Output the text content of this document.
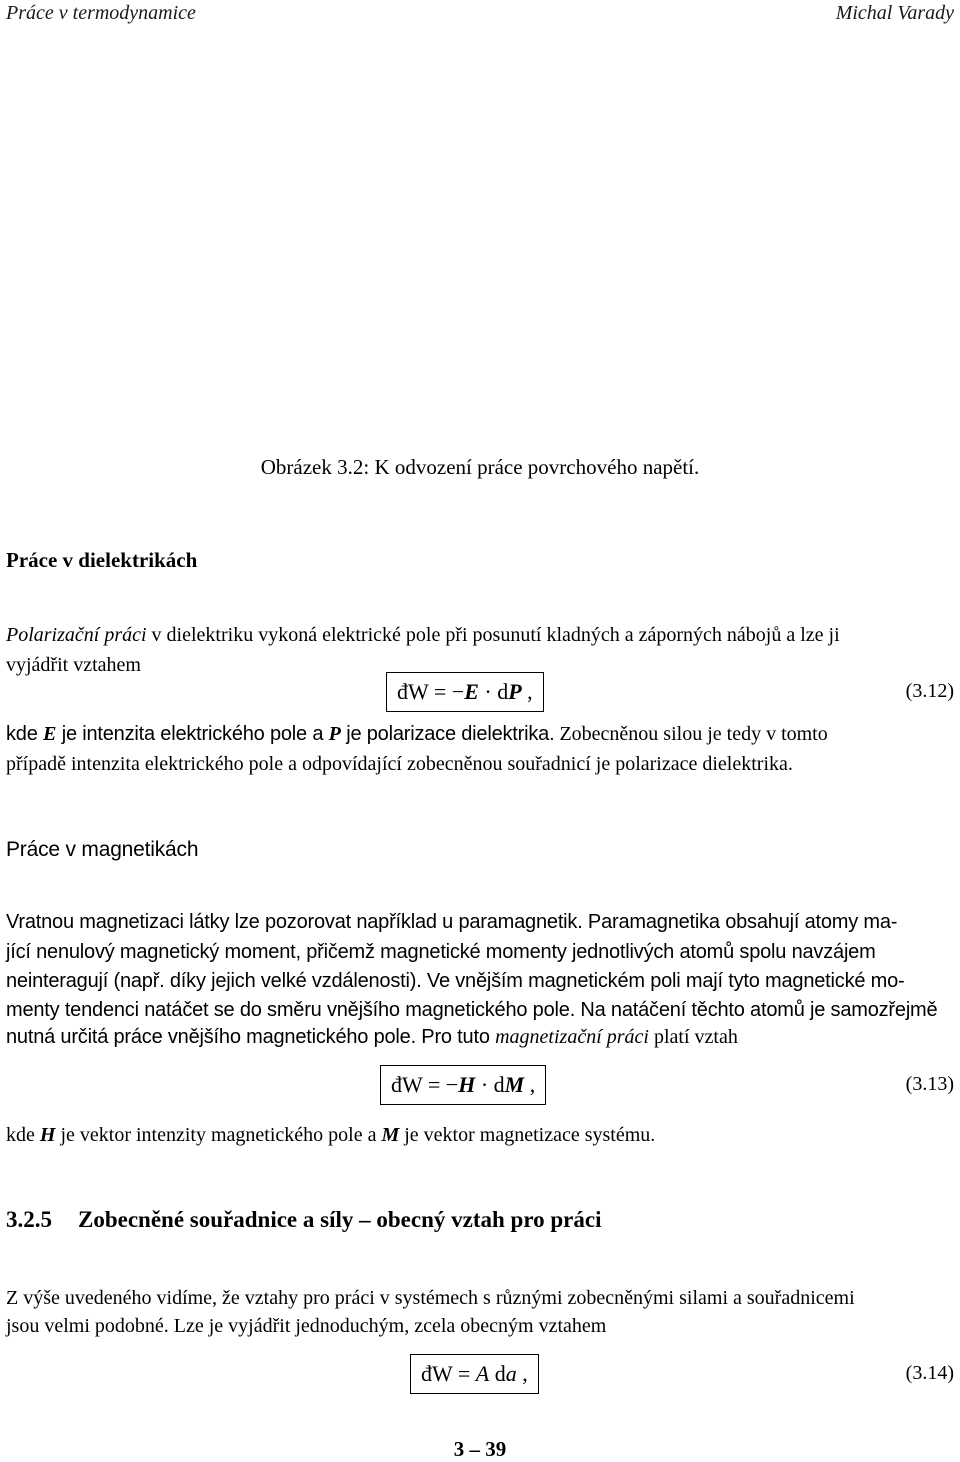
Práce v termodynamice	Michal Varady
Obrázek 3.2: K odvození práce povrchového napětí.
Práce v dielektrikách
Polarizační práci v dielektriku vykoná elektrické pole při posunutí kladných a záporných nábojů a lze ji
vyjádřit vztahem
đW = −E · dP ,	(3.12)
kde E je intenzita elektrického pole a P je polarizace dielektrika. Zobecněnou silou je tedy v tomto
případě intenzita elektrického pole a odpovídající zobecněnou souřadnicí je polarizace dielektrika.
Práce v magnetikách
Vratnou magnetizaci látky lze pozorovat například u paramagnetik. Paramagnetika obsahují atomy ma-
jící nenulový magnetický moment, přičemž magnetické momenty jednotlivých atomů spolu navzájem
neinteragují (např. díky jejich velké vzdálenosti). Ve vnějším magnetickém poli mají tyto magnetické mo-
menty tendenci natáčet se do směru vnějšího magnetického pole. Na natáčení těchto atomů je samozřejmě
nutná určitá práce vnějšího magnetického pole. Pro tuto magnetizační práci platí vztah
đW = −H · dM ,	(3.13)
kde H je vektor intenzity magnetického pole a M je vektor magnetizace systému.
3.2.5 Zobecněné souřadnice a síly – obecný vztah pro práci
Z výše uvedeného vidíme, že vztahy pro práci v systémech s různými zobecněnými silami a souřadnicemi
jsou velmi podobné. Lze je vyjádřit jednoduchým, zcela obecným vztahem
đW = A da ,	(3.14)
3 – 39
